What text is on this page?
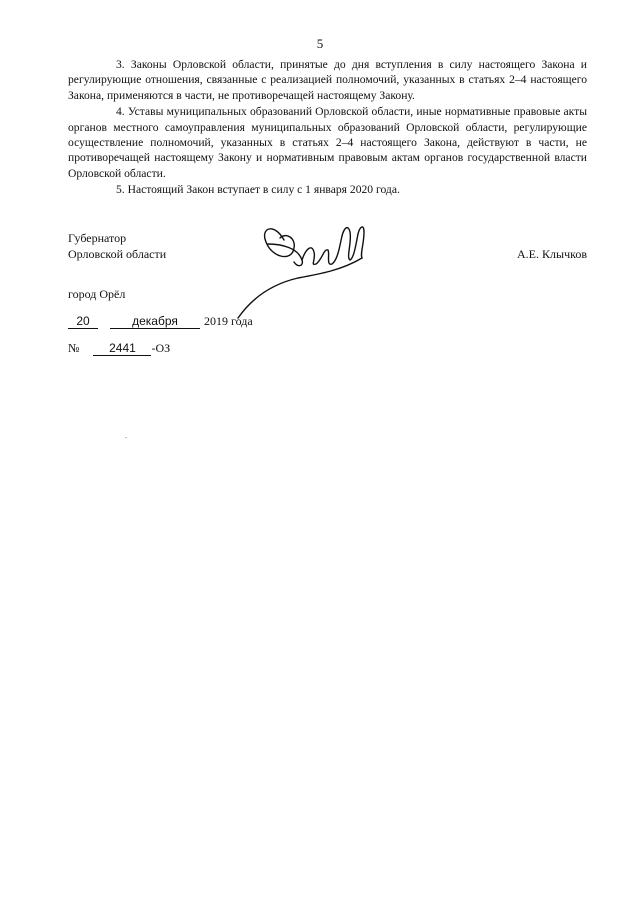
5

3. Законы Орловской области, принятые до дня вступления в силу настоящего Закона и регулирующие отношения, связанные с реализацией полномочий, указанных в статьях 2–4 настоящего Закона, применяются в части, не противоречащей настоящему Закону.

4. Уставы муниципальных образований Орловской области, иные нормативные правовые акты органов местного самоуправления муниципальных образований Орловской области, регулирующие осуществление полномочий, указанных в статьях 2–4 настоящего Закона, действуют в части, не противоречащей настоящему Закону и нормативным правовым актам органов государственной власти Орловской области.

5. Настоящий Закон вступает в силу с 1 января 2020 года.

Губернатор
Орловской области	А.Е. Клычков
город Орёл
20	декабря	2019 года
№	2441	-ОЗ
